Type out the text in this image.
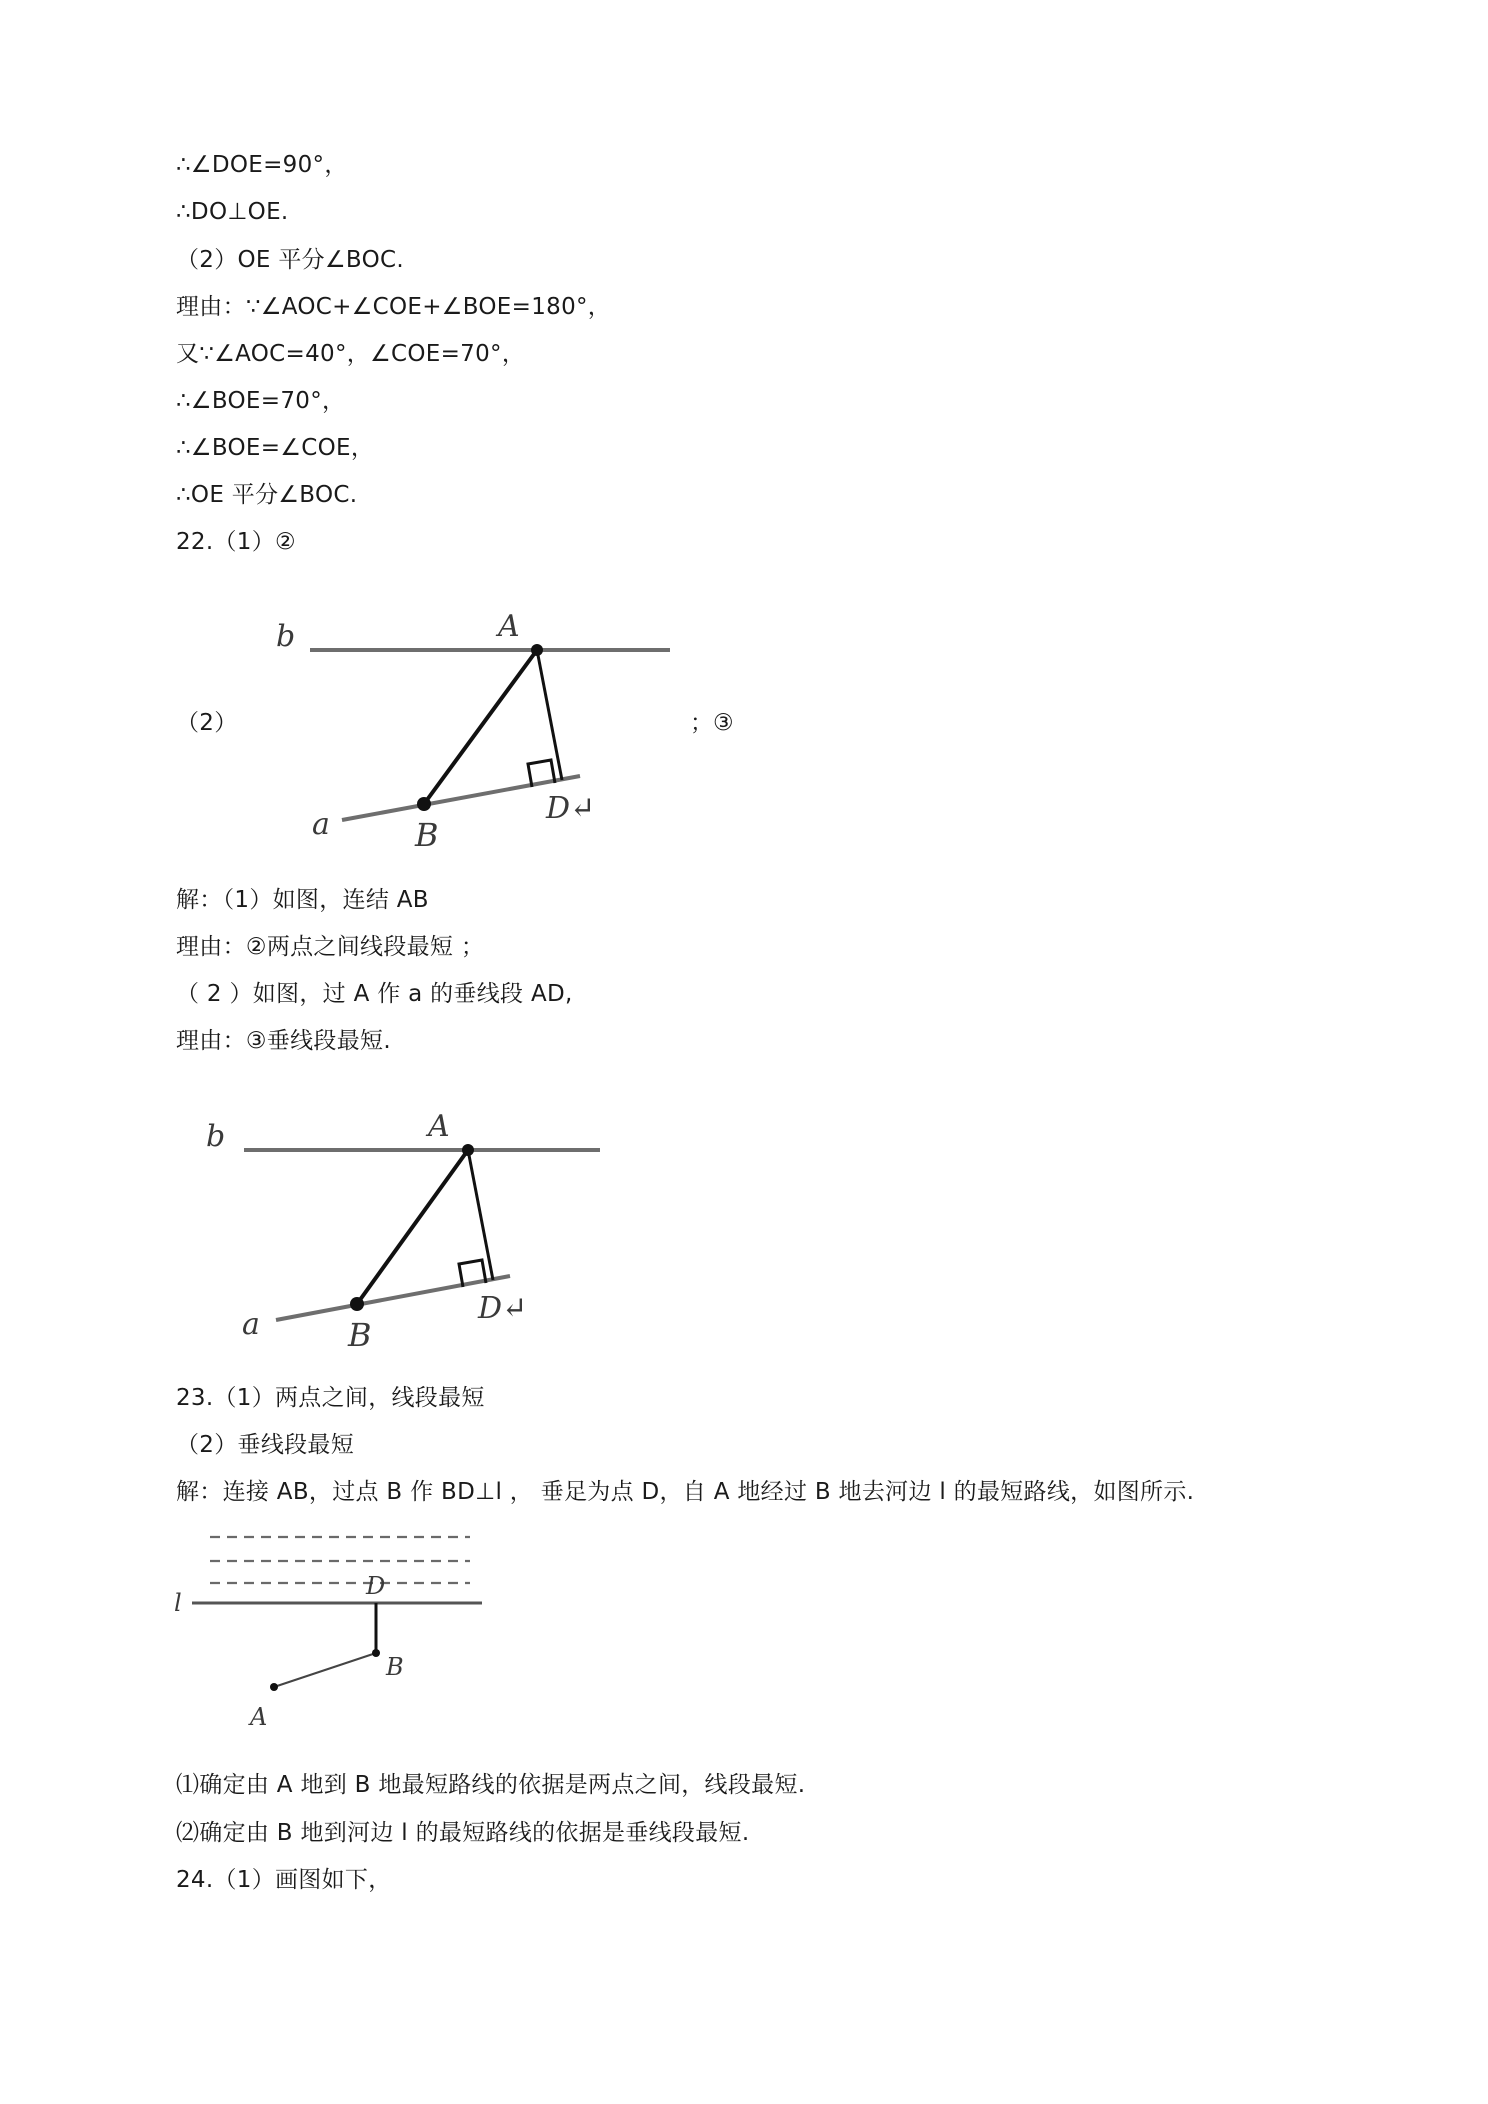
∴∠DOE=90°，
∴DO⊥OE.
（2）OE 平分∠BOC.
理由：∵∠AOC+∠COE+∠BOE=180°，
又∵∠AOC=40°，∠COE=70°，
∴∠BOE=70°，
∴∠BOE=∠COE，
∴OE 平分∠BOC.
22.（1）②
（2）	；③
b	A
a	B
D↵
解：（1）如图，连结 AB
理由：②两点之间线段最短 ；
（ 2 ）如图，过 A 作 a 的垂线段 AD,
理由：③垂线段最短.
b	A
a	B
D↵
23.（1）两点之间，线段最短
（2）垂线段最短
解：连接 AB，过点 B 作 BD⊥l ， 垂足为点 D，自 A 地经过 B 地去河边 l 的最短路线，如图所示.
l
D
B
A
⑴确定由 A 地到 B 地最短路线的依据是两点之间，线段最短.
⑵确定由 B 地到河边 l 的最短路线的依据是垂线段最短.
24.（1）画图如下，
